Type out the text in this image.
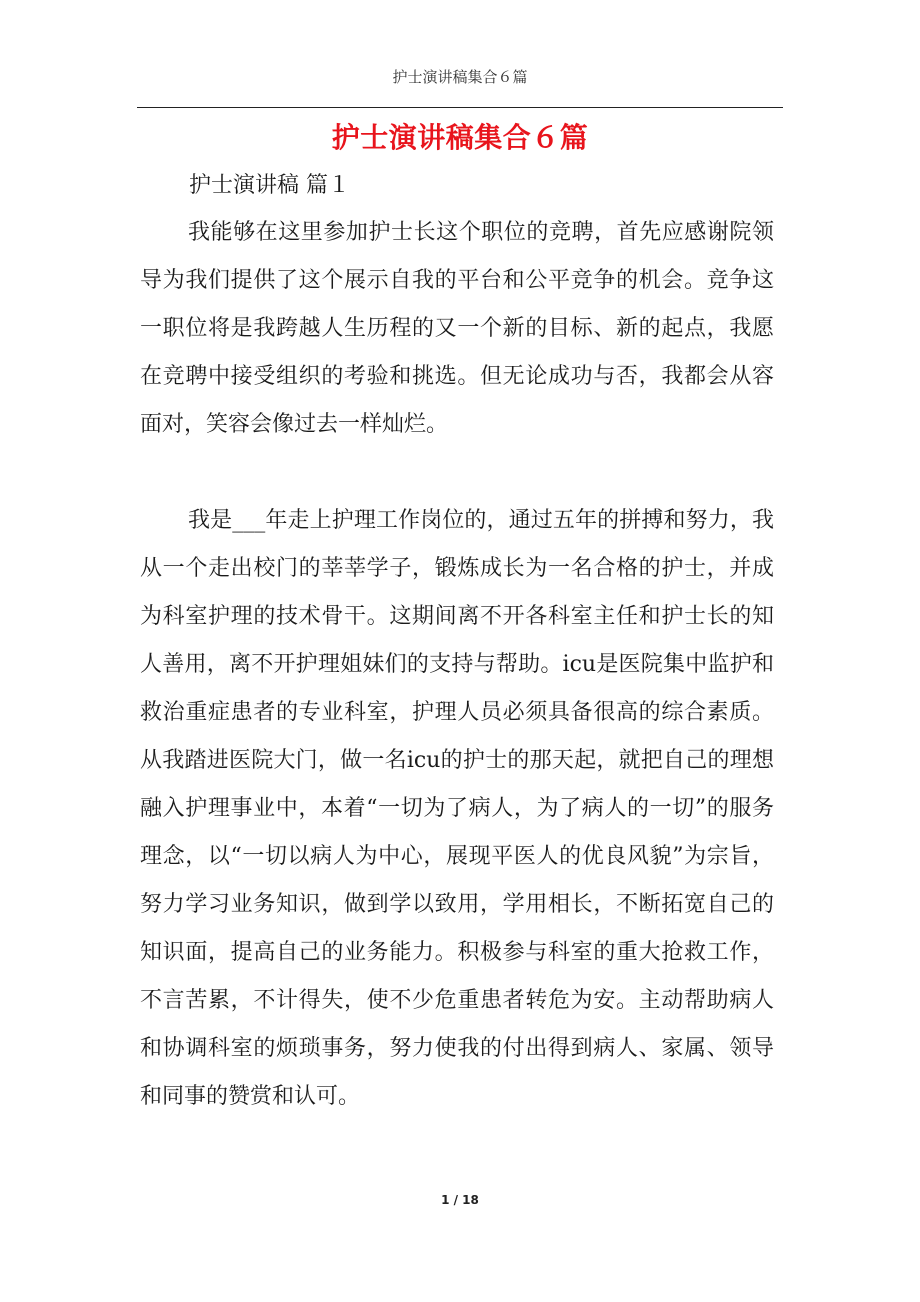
护士演讲稿集合６篇
护士演讲稿集合６篇
护士演讲稿 篇１

我能够在这里参加护士长这个职位的竞聘，首先应感谢院领导为我们提供了这个展示自我的平台和公平竞争的机会。竞争这一职位将是我跨越人生历程的又一个新的目标、新的起点，我愿在竞聘中接受组织的考验和挑选。但无论成功与否，我都会从容面对，笑容会像过去一样灿烂。

我是___年走上护理工作岗位的，通过五年的拼搏和努力，我从一个走出校门的莘莘学子，锻炼成长为一名合格的护士，并成为科室护理的技术骨干。这期间离不开各科室主任和护士长的知人善用，离不开护理姐妹们的支持与帮助。icu是医院集中监护和救治重症患者的专业科室，护理人员必须具备很高的综合素质。从我踏进医院大门，做一名icu的护士的那天起，就把自己的理想融入护理事业中，本着“一切为了病人，为了病人的一切”的服务理念，以“一切以病人为中心，展现平医人的优良风貌”为宗旨，努力学习业务知识，做到学以致用，学用相长，不断拓宽自己的知识面，提高自己的业务能力。积极参与科室的重大抢救工作，不言苦累，不计得失，使不少危重患者转危为安。主动帮助病人和协调科室的烦琐事务，努力使我的付出得到病人、家属、领导和同事的赞赏和认可。

1 / 18
